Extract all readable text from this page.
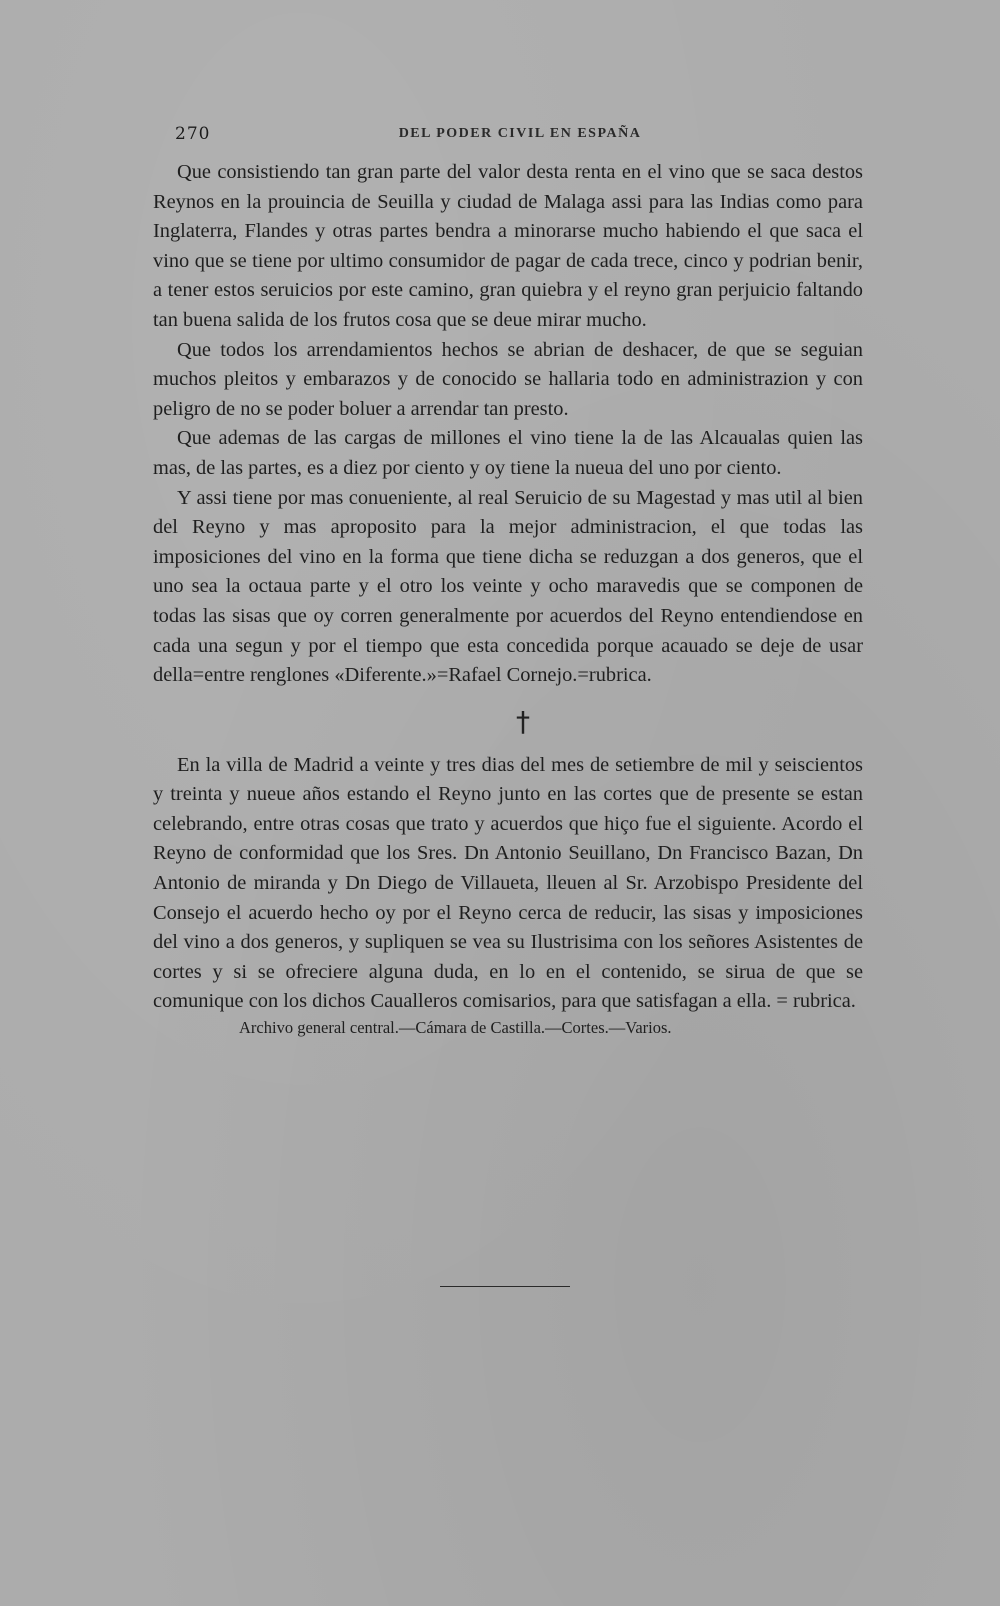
270	DEL PODER CIVIL EN ESPAÑA

Que consistiendo tan gran parte del valor desta renta en el vino que se saca destos Reynos en la prouincia de Seuilla y ciudad de Malaga assi para las Indias como para Inglaterra, Flandes y otras partes bendra a minorarse mucho habiendo el que saca el vino que se tiene por ultimo consumidor de pagar de cada trece, cinco y podrian benir, a tener estos seruicios por este camino, gran quiebra y el reyno gran perjuicio faltando tan buena salida de los frutos cosa que se deue mirar mucho.

Que todos los arrendamientos hechos se abrian de deshacer, de que se seguian muchos pleitos y embarazos y de conocido se hallaria todo en administrazion y con peligro de no se poder boluer a arrendar tan presto.

Que ademas de las cargas de millones el vino tiene la de las Alcaualas quien las mas, de las partes, es a diez por ciento y oy tiene la nueua del uno por ciento.

Y assi tiene por mas conueniente, al real Seruicio de su Magestad y mas util al bien del Reyno y mas aproposito para la mejor administracion, el que todas las imposiciones del vino en la forma que tiene dicha se reduzgan a dos generos, que el uno sea la octaua parte y el otro los veinte y ocho maravedis que se componen de todas las sisas que oy corren generalmente por acuerdos del Reyno entendiendose en cada una segun y por el tiempo que esta concedida porque acauado se deje de usar della=entre renglones «Diferente.»=Rafael Cornejo.=rubrica.

†

En la villa de Madrid a veinte y tres dias del mes de setiembre de mil y seiscientos y treinta y nueue años estando el Reyno junto en las cortes que de presente se estan celebrando, entre otras cosas que trato y acuerdos que hiço fue el siguiente. Acordo el Reyno de conformidad que los Sres. Dn Antonio Seuillano, Dn Francisco Bazan, Dn Antonio de miranda y Dn Diego de Villaueta, lleuen al Sr. Arzobispo Presidente del Consejo el acuerdo hecho oy por el Reyno cerca de reducir, las sisas y imposiciones del vino a dos generos, y supliquen se vea su Ilustrisima con los señores Asistentes de cortes y si se ofreciere alguna duda, en lo en el contenido, se sirua de que se comunique con los dichos Caualleros comisarios, para que satisfagan a ella. = rubrica.

Archivo general central.—Cámara de Castilla.—Cortes.—Varios.
